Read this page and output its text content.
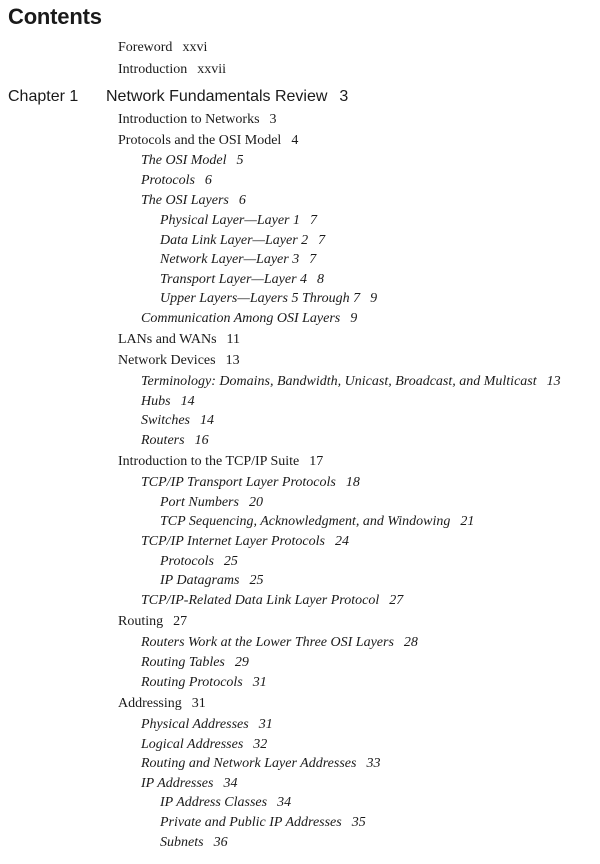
Contents
Foreword xxvi
Introduction xxvii
Chapter 1 Network Fundamentals Review 3
Introduction to Networks 3
Protocols and the OSI Model 4
The OSI Model 5
Protocols 6
The OSI Layers 6
Physical Layer—Layer 1 7
Data Link Layer—Layer 2 7
Network Layer—Layer 3 7
Transport Layer—Layer 4 8
Upper Layers—Layers 5 Through 7 9
Communication Among OSI Layers 9
LANs and WANs 11
Network Devices 13
Terminology: Domains, Bandwidth, Unicast, Broadcast, and Multicast 13
Hubs 14
Switches 14
Routers 16
Introduction to the TCP/IP Suite 17
TCP/IP Transport Layer Protocols 18
Port Numbers 20
TCP Sequencing, Acknowledgment, and Windowing 21
TCP/IP Internet Layer Protocols 24
Protocols 25
IP Datagrams 25
TCP/IP-Related Data Link Layer Protocol 27
Routing 27
Routers Work at the Lower Three OSI Layers 28
Routing Tables 29
Routing Protocols 31
Addressing 31
Physical Addresses 31
Logical Addresses 32
Routing and Network Layer Addresses 33
IP Addresses 34
IP Address Classes 34
Private and Public IP Addresses 35
Subnets 36
